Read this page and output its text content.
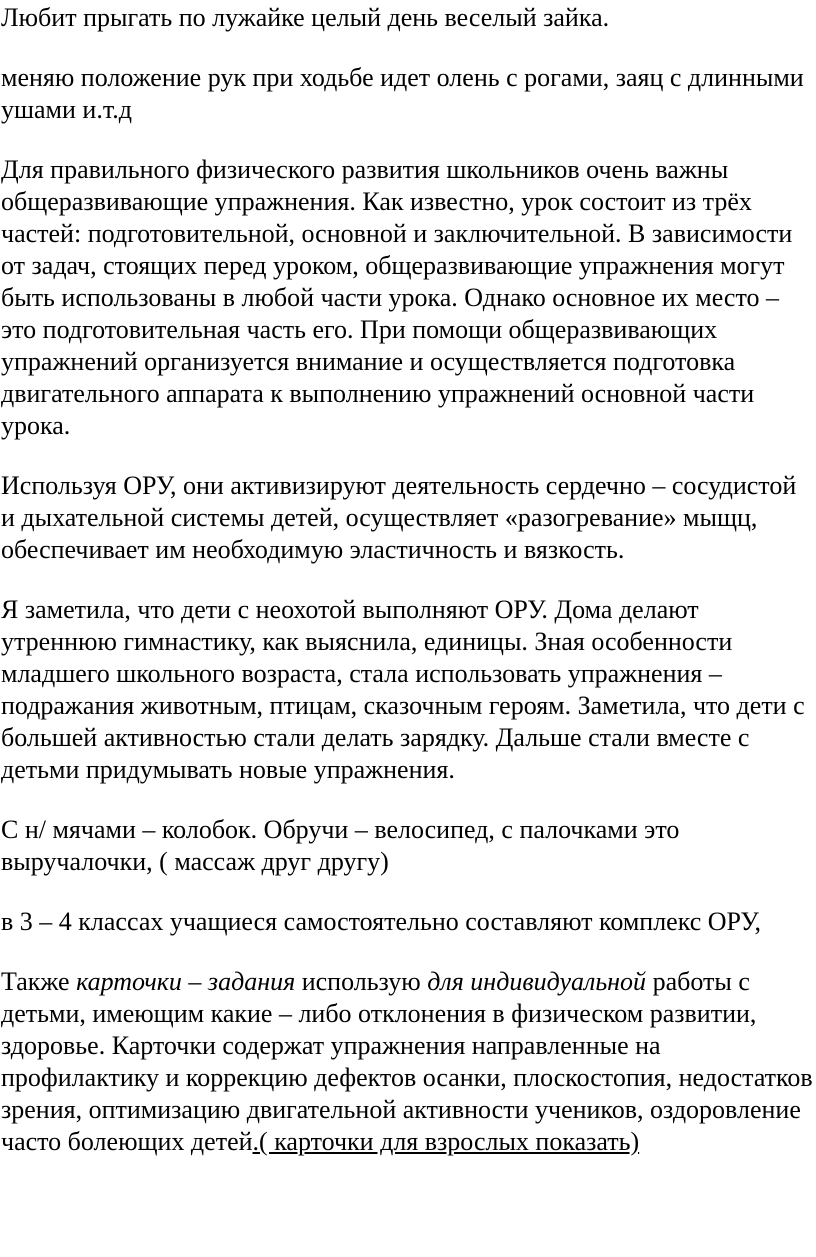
Любит прыгать по лужайке целый день веселый зайка.

меняю положение рук при ходьбе идет олень с рогами, заяц с длинными ушами и.т.д

Для правильного физического развития школьников очень важны общеразвивающие упражнения. Как известно, урок состоит из трёх частей: подготовительной, основной и заключительной. В зависимости от задач, стоящих перед уроком, общеразвивающие упражнения могут быть использованы в любой части урока. Однако основное их место – это подготовительная часть его. При помощи общеразвивающих упражнений организуется внимание и осуществляется подготовка двигательного аппарата к выполнению упражнений основной части урока.

Используя ОРУ, они активизируют деятельность сердечно – сосудистой и дыхательной системы детей, осуществляет «разогревание» мыщц, обеспечивает им необходимую эластичность и вязкость.

Я заметила, что дети с неохотой выполняют ОРУ. Дома делают утреннюю гимнастику, как выяснила, единицы. Зная особенности младшего школьного возраста, стала использовать упражнения – подражания животным, птицам, сказочным героям. Заметила, что дети с большей активностью стали делать зарядку. Дальше стали вместе с детьми придумывать новые упражнения.

С н/ мячами – колобок. Обручи – велосипед, с палочками это выручалочки, ( массаж друг другу)

в 3 – 4 классах учащиеся самостоятельно составляют комплекс ОРУ,

Также карточки – задания использую для индивидуальной работы с детьми, имеющим какие – либо отклонения в физическом развитии, здоровье. Карточки содержат упражнения направленные на профилактику и коррекцию дефектов осанки, плоскостопия, недостатков зрения, оптимизацию двигательной активности учеников, оздоровление часто болеющих детей.( карточки для взрослых показать)
